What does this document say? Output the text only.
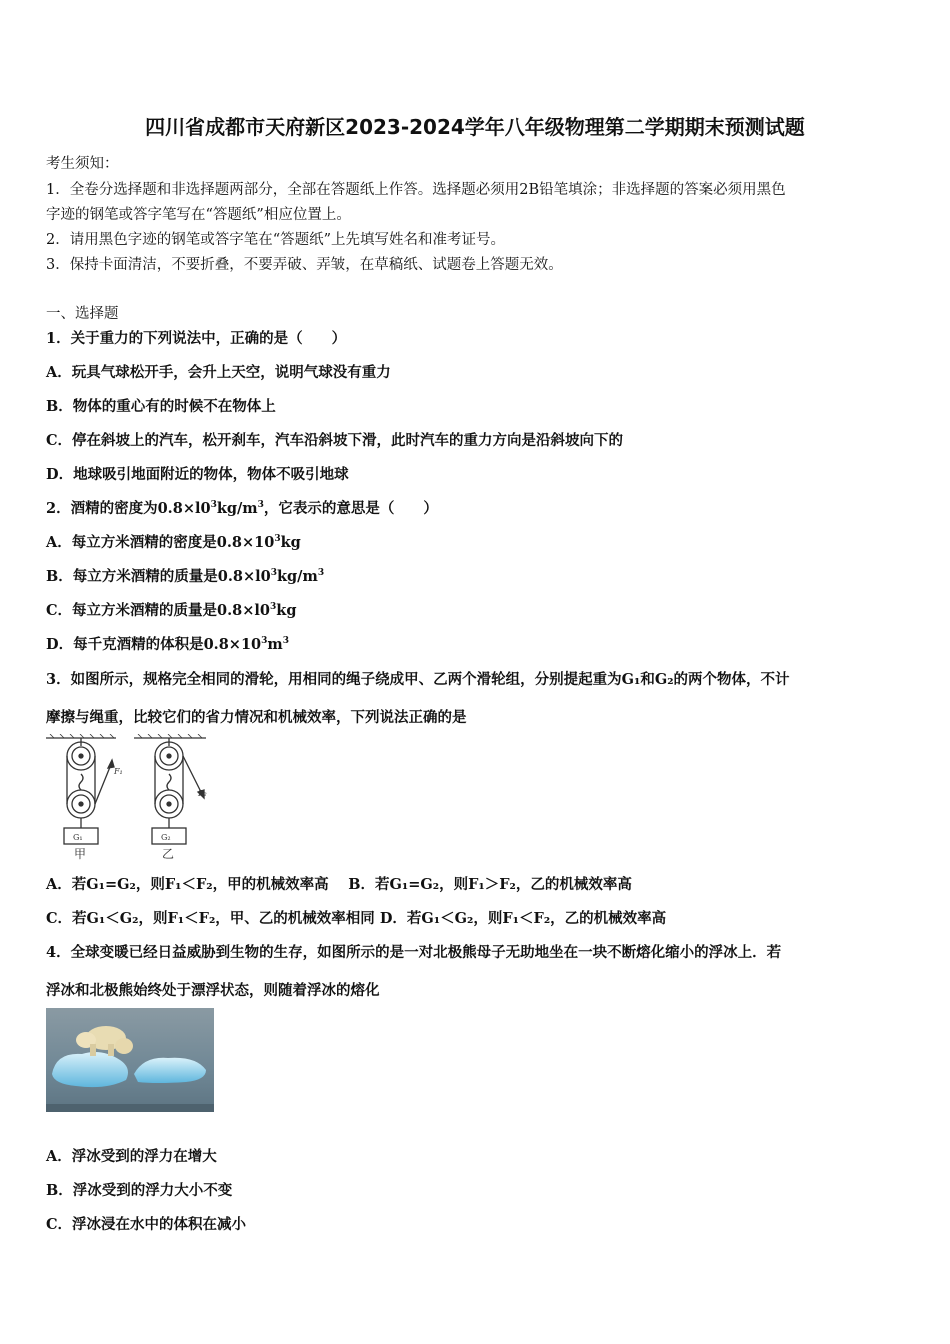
四川省成都市天府新区2023-2024学年八年级物理第二学期期末预测试题
考生须知：
1．全卷分选择题和非选择题两部分，全部在答题纸上作答。选择题必须用2B铅笔填涂；非选择题的答案必须用黑色
字迹的钢笔或答字笔写在“答题纸”相应位置上。
2．请用黑色字迹的钢笔或答字笔在“答题纸”上先填写姓名和准考证号。
3．保持卡面清洁，不要折叠，不要弄破、弄皱，在草稿纸、试题卷上答题无效。
一、选择题
1．关于重力的下列说法中，正确的是（　　）
A．玩具气球松开手，会升上天空，说明气球没有重力
B．物体的重心有的时候不在物体上
C．停在斜坡上的汽车，松开刹车，汽车沿斜坡下滑，此时汽车的重力方向是沿斜坡向下的
D．地球吸引地面附近的物体，物体不吸引地球
2．酒精的密度为$0.8\times l0^3kg/m^3$，它表示的意思是（　　）
A．每立方米酒精的密度是$0.8\times 10^3kg$
B．每立方米酒精的质量是$0.8\times l0^3kg/m^3$
C．每立方米酒精的质量是$0.8\times l0^3kg$
D．每千克酒精的体积是$0.8\times 10^3m^3$
3．如图所示，规格完全相同的滑轮，用相同的绳子绕成甲、乙两个滑轮组，分别提起重为G₁和G₂的两个物体，不计
摩擦与绳重，比较它们的省力情况和机械效率，下列说法正确的是
F₁
F₂
G₁	G₂
甲	乙
A．若G₁=G₂，则F₁＜F₂，甲的机械效率高　 B．若G₁=G₂，则F₁＞F₂，乙的机械效率高
C．若G₁＜G₂，则F₁＜F₂，甲、乙的机械效率相同 D．若G₁＜G₂，则F₁＜F₂，乙的机械效率高
4．全球变暖已经日益威胁到生物的生存，如图所示的是一对北极熊母子无助地坐在一块不断熔化缩小的浮冰上．若
浮冰和北极熊始终处于漂浮状态，则随着浮冰的熔化
A．浮冰受到的浮力在增大
B．浮冰受到的浮力大小不变
C．浮冰浸在水中的体积在减小
